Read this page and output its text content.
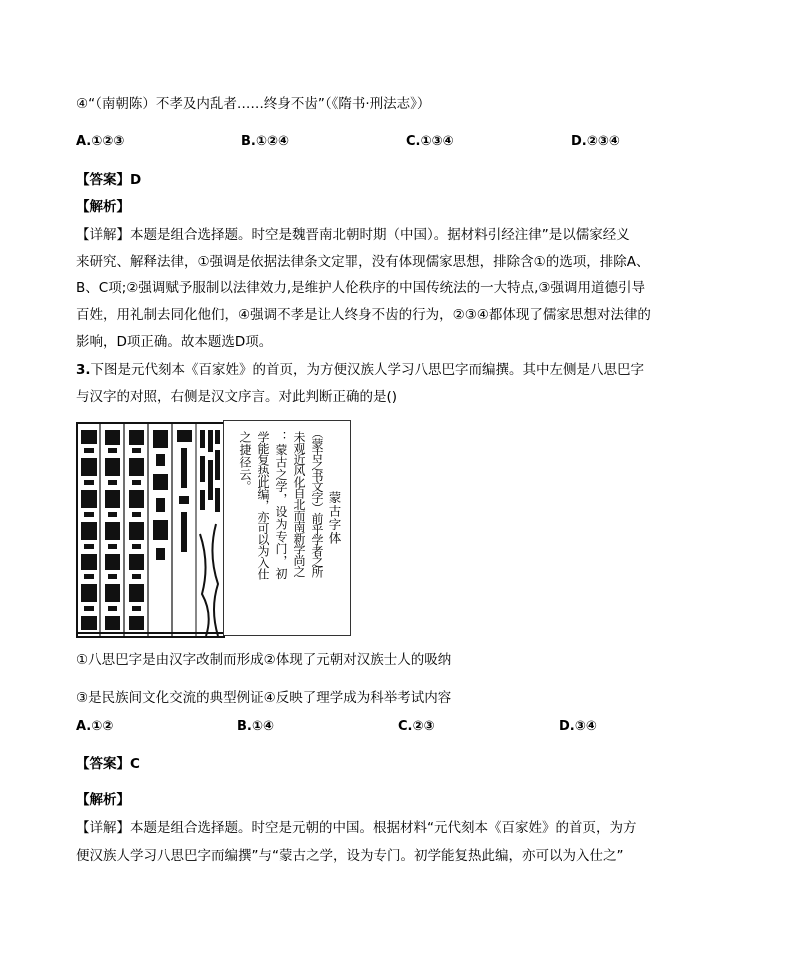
④“（南朝陈）不孝及内乱者……终身不齿”（《隋书·刑法志》）
A.①②③	B.①②④	C.①③④	D.②③④
【答案】D
【解析】
【详解】本题是组合选择题。时空是魏晋南北朝时期（中国）。据材料引经注律”是以儒家经义
来研究、解释法律，①强调是依据法律条文定罪，没有体现儒家思想，排除含①的选项，排除A、
B、C项;②强调赋予服制以法律效力,是维护人伦秩序的中国传统法的一大特点,③强调用道德引导
百姓，用礼制去同化他们，④强调不孝是让人终身不齿的行为，②③④都体现了儒家思想对法律的
影响，D项正确。故本题选D项。
3.下图是元代刻本《百家姓》的首页，为方便汉族人学习八思巴字而编撰。其中左侧是八思巴字
与汉字的对照，右侧是汉文序言。对此判断正确的是()
蒙古字体
（蒙古之书文字）前乎学者之所
未观近风化自北而南新学尚之
：蒙古之学，设为专门，初
学能复热此编，亦可以为入仕
之捷径云。
①八思巴字是由汉字改制而形成②体现了元朝对汉族士人的吸纳
③是民族间文化交流的典型例证④反映了理学成为科举考试内容
A.①②	B.①④	C.②③	D.③④
【答案】C
【解析】
【详解】本题是组合选择题。时空是元朝的中国。根据材料“元代刻本《百家姓》的首页，为方
便汉族人学习八思巴字而编撰”与“蒙古之学，设为专门。初学能复热此编，亦可以为入仕之”
